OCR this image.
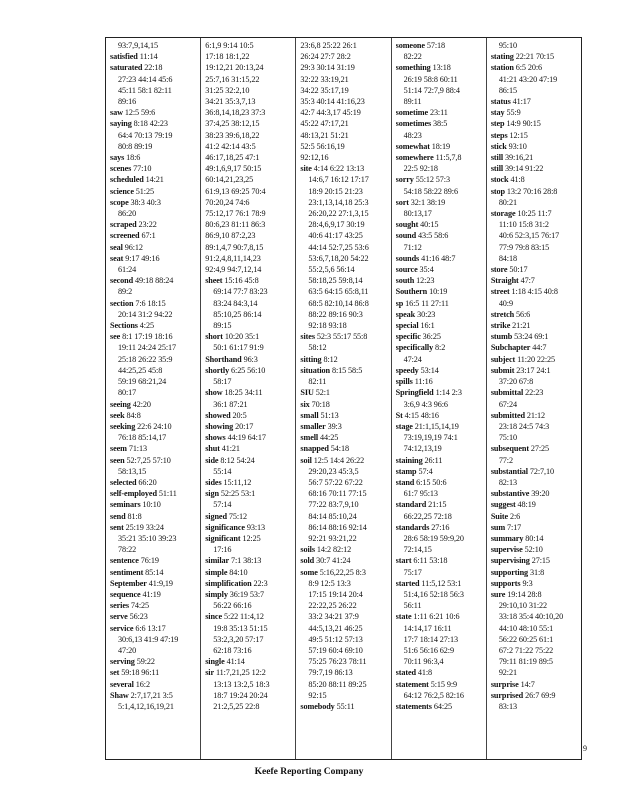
93:7,9,14,15
satisfied 11:14
saturated 22:18
27:23 44:14 45:6
45:11 58:1 82:11
89:16
saw 12:5 59:6
saying 8:18 42:23
64:4 70:13 79:19
80:8 89:19
says 18:6
scenes 77:10
scheduled 14:21
science 51:25
scope 38:3 40:3
86:20
scraped 23:22
screened 67:1
seal 96:12
seat 9:17 49:16
61:24
second 49:18 88:24
89:2
section 7:6 18:15
20:14 31:2 94:22
Sections 4:25
see 8:1 17:19 18:16
19:11 24:24 25:17
25:18 26:22 35:9
44:25,25 45:8
59:19 68:21,24
80:17
seeing 42:20
seek 84:8
seeking 22:6 24:10
76:18 85:14,17
seem 71:13
seen 52:7,25 57:10
58:13,15
selected 66:20
self-employed 51:11
seminars 10:10
send 81:8
sent 25:19 33:24
35:21 35:10 39:23
78:22
sentence 76:19
sentiment 85:14
September 41:9,19
sequence 41:19
series 74:25
serve 56:23
service 6:6 13:17
30:6,13 41:9 47:19
47:20
serving 59:22
set 59:18 96:11
several 16:2
Shaw 2:7,17,21 3:5
5:1,4,12,16,19,21
6:1,9 9:14 10:5
17:18 18:1,22
19:12,21 20:13,24
25:7,16 31:15,22
31:25 32:2,10
34:21 35:3,7,13
36:8,14,18,23 37:3
37:4,25 38:12,15
38:23 39:6,18,22
41:2 42:14 43:5
46:17,18,25 47:1
49:1,6,9,17 50:15
60:14,21,23,25
61:9,13 69:25 70:4
70:20,24 74:6
75:12,17 76:1 78:9
80:6,23 81:11 86:3
86:9,10 87:2,23
89:1,4,7 90:7,8,15
91:2,4,8,11,14,23
92:4,9 94:7,12,14
sheet 15:16 45:8
69:14 77:7 83:23
83:24 84:3,14
85:10,25 86:14
89:15
short 10:20 35:1
50:1 61:17 91:9
Shorthand 96:3
shortly 6:25 56:10
58:17
show 18:25 34:11
36:1 87:21
showed 20:5
showing 20:17
shows 44:19 64:17
shut 41:21
side 8:12 54:24
55:14
sides 15:11,12
sign 52:25 53:1
57:14
signed 75:12
significance 93:13
significant 12:25
17:16
similar 7:1 38:13
simple 84:10
simplification 22:3
simply 36:19 53:7
56:22 66:16
since 5:22 11:4,12
19:8 35:13 51:15
53:2,3,20 57:17
62:18 73:16
single 41:14
sir 11:7,21,25 12:2
13:13 13:2,5 18:3
18:7 19:24 20:24
21:2,5,25 22:8
23:6,8 25:22 26:1
26:24 27:7 28:2
29:3 30:14 31:19
32:22 33:19,21
34:22 35:17,19
35:3 40:14 41:16,23
42:7 44:3,17 45:19
45:22 47:17,21
48:13,21 51:21
52:5 56:16,19
92:12,16
site 4:14 6:22 13:13
14:6,7 16:12 17:17
18:9 20:15 21:23
23:1,13,14,18 25:3
26:20,22 27:1,3,15
28:4,6,9,17 30:19
40:6 41:17 43:25
44:14 52:7,25 53:6
53:6,7,18,20 54:22
55:2,5,6 56:14
58:18,25 59:8,14
63:5 64:15 65:8,11
68:5 82:10,14 86:8
88:22 89:16 90:3
92:18 93:18
sites 52:3 55:17 55:8
58:12
sitting 8:12
situation 8:15 58:5
82:11
SIU 52:1
six 70:18
small 51:13
smaller 39:3
smell 44:25
snapped 54:18
soil 12:5 14:4 26:22
29:20,23 45:3,5
56:7 57:22 67:22
68:16 70:11 77:15
77:22 83:7,9,10
84:14 85:10,24
86:14 88:16 92:14
92:21 93:21,22
soils 14:2 82:12
sold 30:7 41:24
some 5:16,22,25 8:3
8:9 12:5 13:3
17:15 19:14 20:4
22:22,25 26:22
33:2 34:21 37:9
44:5,13,21 46:25
49:5 51:12 57:13
57:19 60:4 69:10
75:25 76:23 78:11
79:7,19 86:13
85:20 88:11 89:25
92:15
somebody 55:11
someone 57:18
82:22
something 13:18
26:19 58:8 60:11
51:14 72:7,9 88:4
89:11
sometime 23:11
sometimes 38:5
48:23
somewhat 18:19
somewhere 11:5,7,8
22:5 92:18
sorry 55:12 57:3
54:18 58:22 89:6
sort 32:1 38:19
80:13,17
sought 40:15
sound 43:5 58:6
71:12
sounds 41:16 48:7
source 35:4
south 12:23
Southern 10:19
sp 16:5 11 27:11
speak 30:23
special 16:1
specific 36:25
specifically 8:2
47:24
speedy 53:14
spills 11:16
Springfield 1:14 2:3
3:6,9 4:3 96:6
St 4:15 48:16
stage 21:1,15,14,19
73:19,19,19 74:1
74:12,13,19
staining 26:11
stamp 57:4
stand 6:15 50:6
61:7 95:13
standard 21:15
66:22,25 72:18
standards 27:16
28:6 58:19 59:9,20
72:14,15
start 6:11 53:18
75:17
started 11:5,12 53:1
51:4,16 52:18 56:3
56:11
state 1:11 6:21 10:6
14:14,17 16:11
17:7 18:14 27:13
51:6 56:16 62:9
70:11 96:3,4
stated 41:8
statement 5:15 9:9
64:12 76:2,5 82:16
statements 64:25
95:10
stating 22:21 70:15
station 6:5 20:6
41:21 43:20 47:19
86:15
status 41:17
stay 55:9
step 14:9 90:15
steps 12:15
stick 93:10
still 39:16,21
still 39:14 91:22
stock 41:8
stop 13:2 70:16 28:8
80:21
storage 10:25 11:7
11:10 15:8 31:2
40:6 52:3,15 76:17
77:9 79:8 83:15
84:18
store 50:17
Straight 47:7
street 1:18 4:15 40:8
40:9
stretch 56:6
strike 21:21
stumb 53:24 69:1
Subchapter 44:7
subject 11:20 22:25
submit 23:17 24:1
37:20 67:8
submittal 22:23
67:24
submitted 21:12
23:18 24:5 74:3
75:10
subsequent 27:25
77:2
substantial 72:7,10
82:13
substantive 39:20
suggest 48:19
Suite 2:6
sum 7:17
summary 80:14
supervise 52:10
supervising 27:15
supporting 31:8
supports 9:3
sure 19:14 28:8
29:10,10 31:22
33:18 35:4 40:10,20
44:10 48:10 55:1
56:22 60:25 61:1
67:2 71:22 75:22
79:11 81:19 89:5
92:21
surprise 14:7
surprised 26:7 69:9
83:13
9
Keefe Reporting Company
